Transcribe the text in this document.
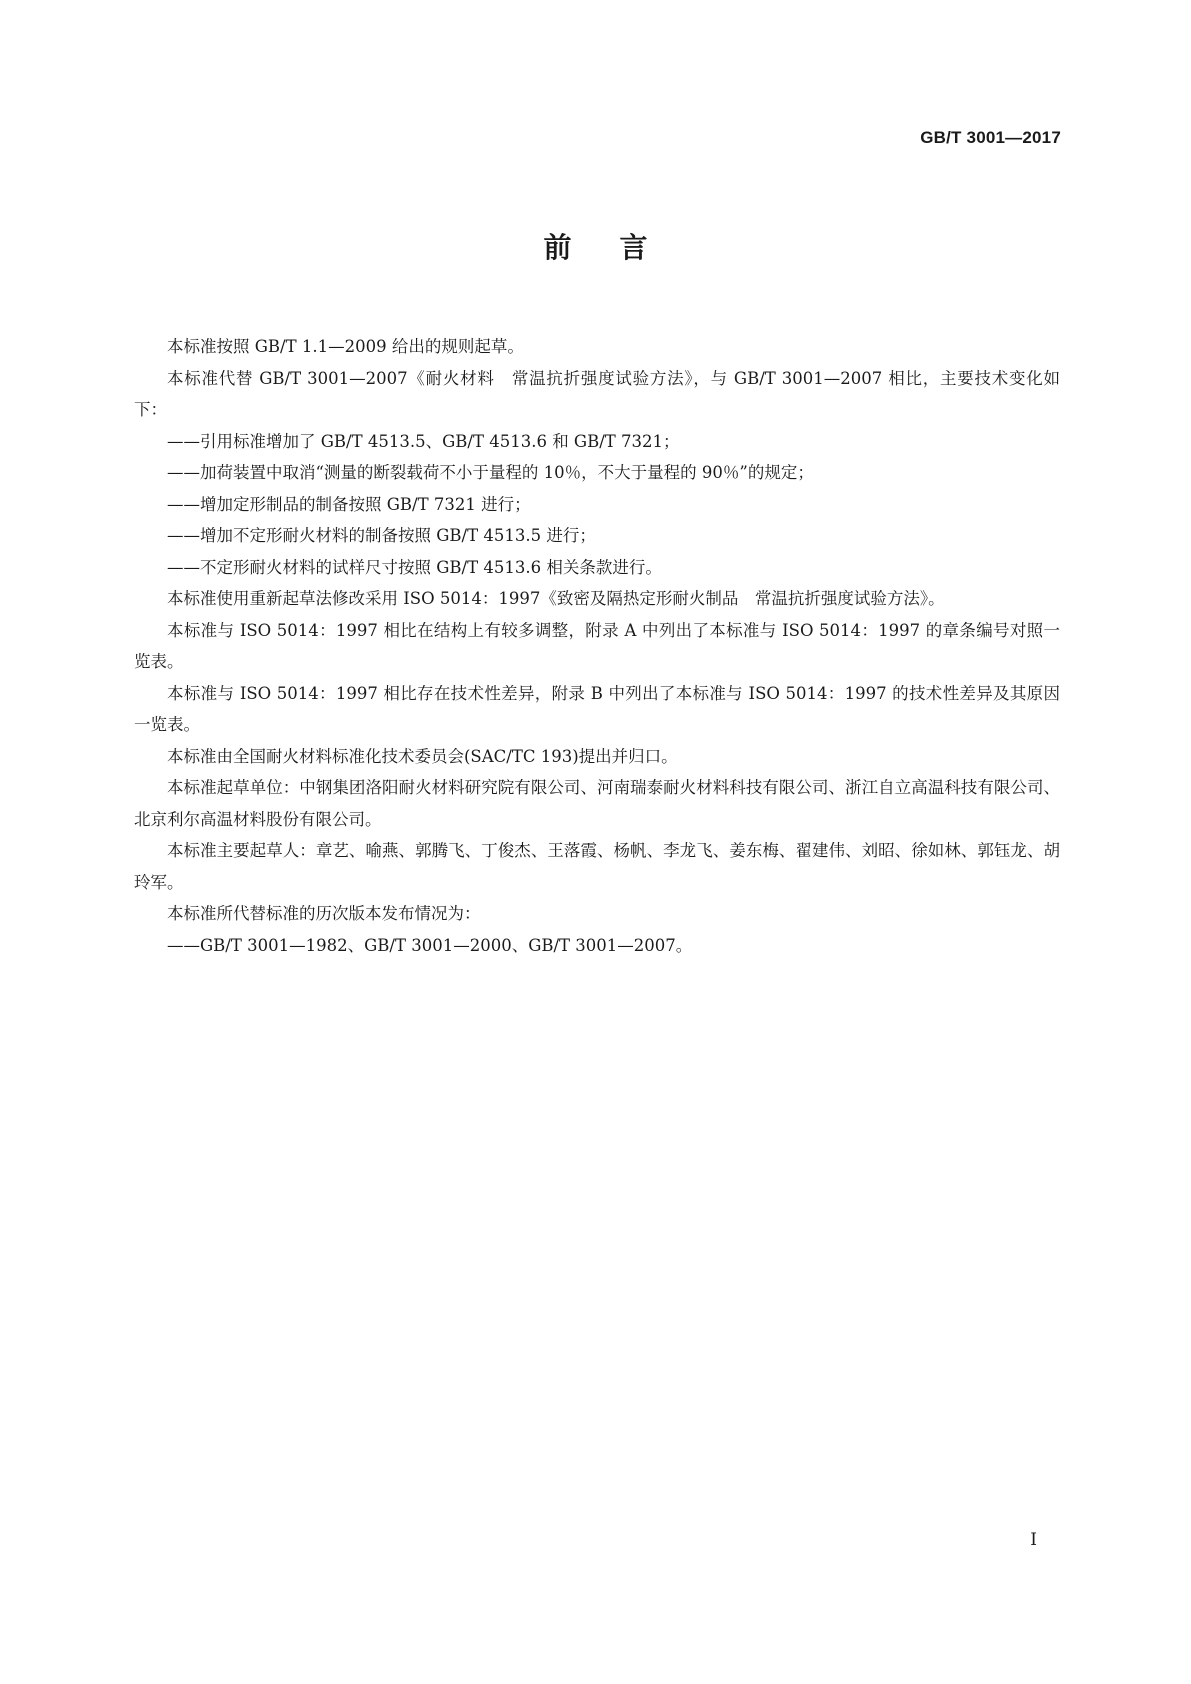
GB/T 3001—2017
前言

本标准按照 GB/T 1.1—2009 给出的规则起草。

本标准代替 GB/T 3001—2007《耐火材料　常温抗折强度试验方法》，与 GB/T 3001—2007 相比，主要技术变化如下：

——引用标准增加了 GB/T 4513.5、GB/T 4513.6 和 GB/T 7321；

——加荷装置中取消“测量的断裂载荷不小于量程的 10％，不大于量程的 90％”的规定；

——增加定形制品的制备按照 GB/T 7321 进行；

——增加不定形耐火材料的制备按照 GB/T 4513.5 进行；

——不定形耐火材料的试样尺寸按照 GB/T 4513.6 相关条款进行。

本标准使用重新起草法修改采用 ISO 5014：1997《致密及隔热定形耐火制品　常温抗折强度试验方法》。

本标准与 ISO 5014：1997 相比在结构上有较多调整，附录 A 中列出了本标准与 ISO 5014：1997 的章条编号对照一览表。

本标准与 ISO 5014：1997 相比存在技术性差异，附录 B 中列出了本标准与 ISO 5014：1997 的技术性差异及其原因一览表。

本标准由全国耐火材料标准化技术委员会(SAC/TC 193)提出并归口。

本标准起草单位：中钢集团洛阳耐火材料研究院有限公司、河南瑞泰耐火材料科技有限公司、浙江自立高温科技有限公司、北京利尔高温材料股份有限公司。

本标准主要起草人：章艺、喻燕、郭腾飞、丁俊杰、王落霞、杨帆、李龙飞、姜东梅、翟建伟、刘昭、徐如林、郭钰龙、胡玲军。

本标准所代替标准的历次版本发布情况为：

——GB/T 3001—1982、GB/T 3001—2000、GB/T 3001—2007。

I
